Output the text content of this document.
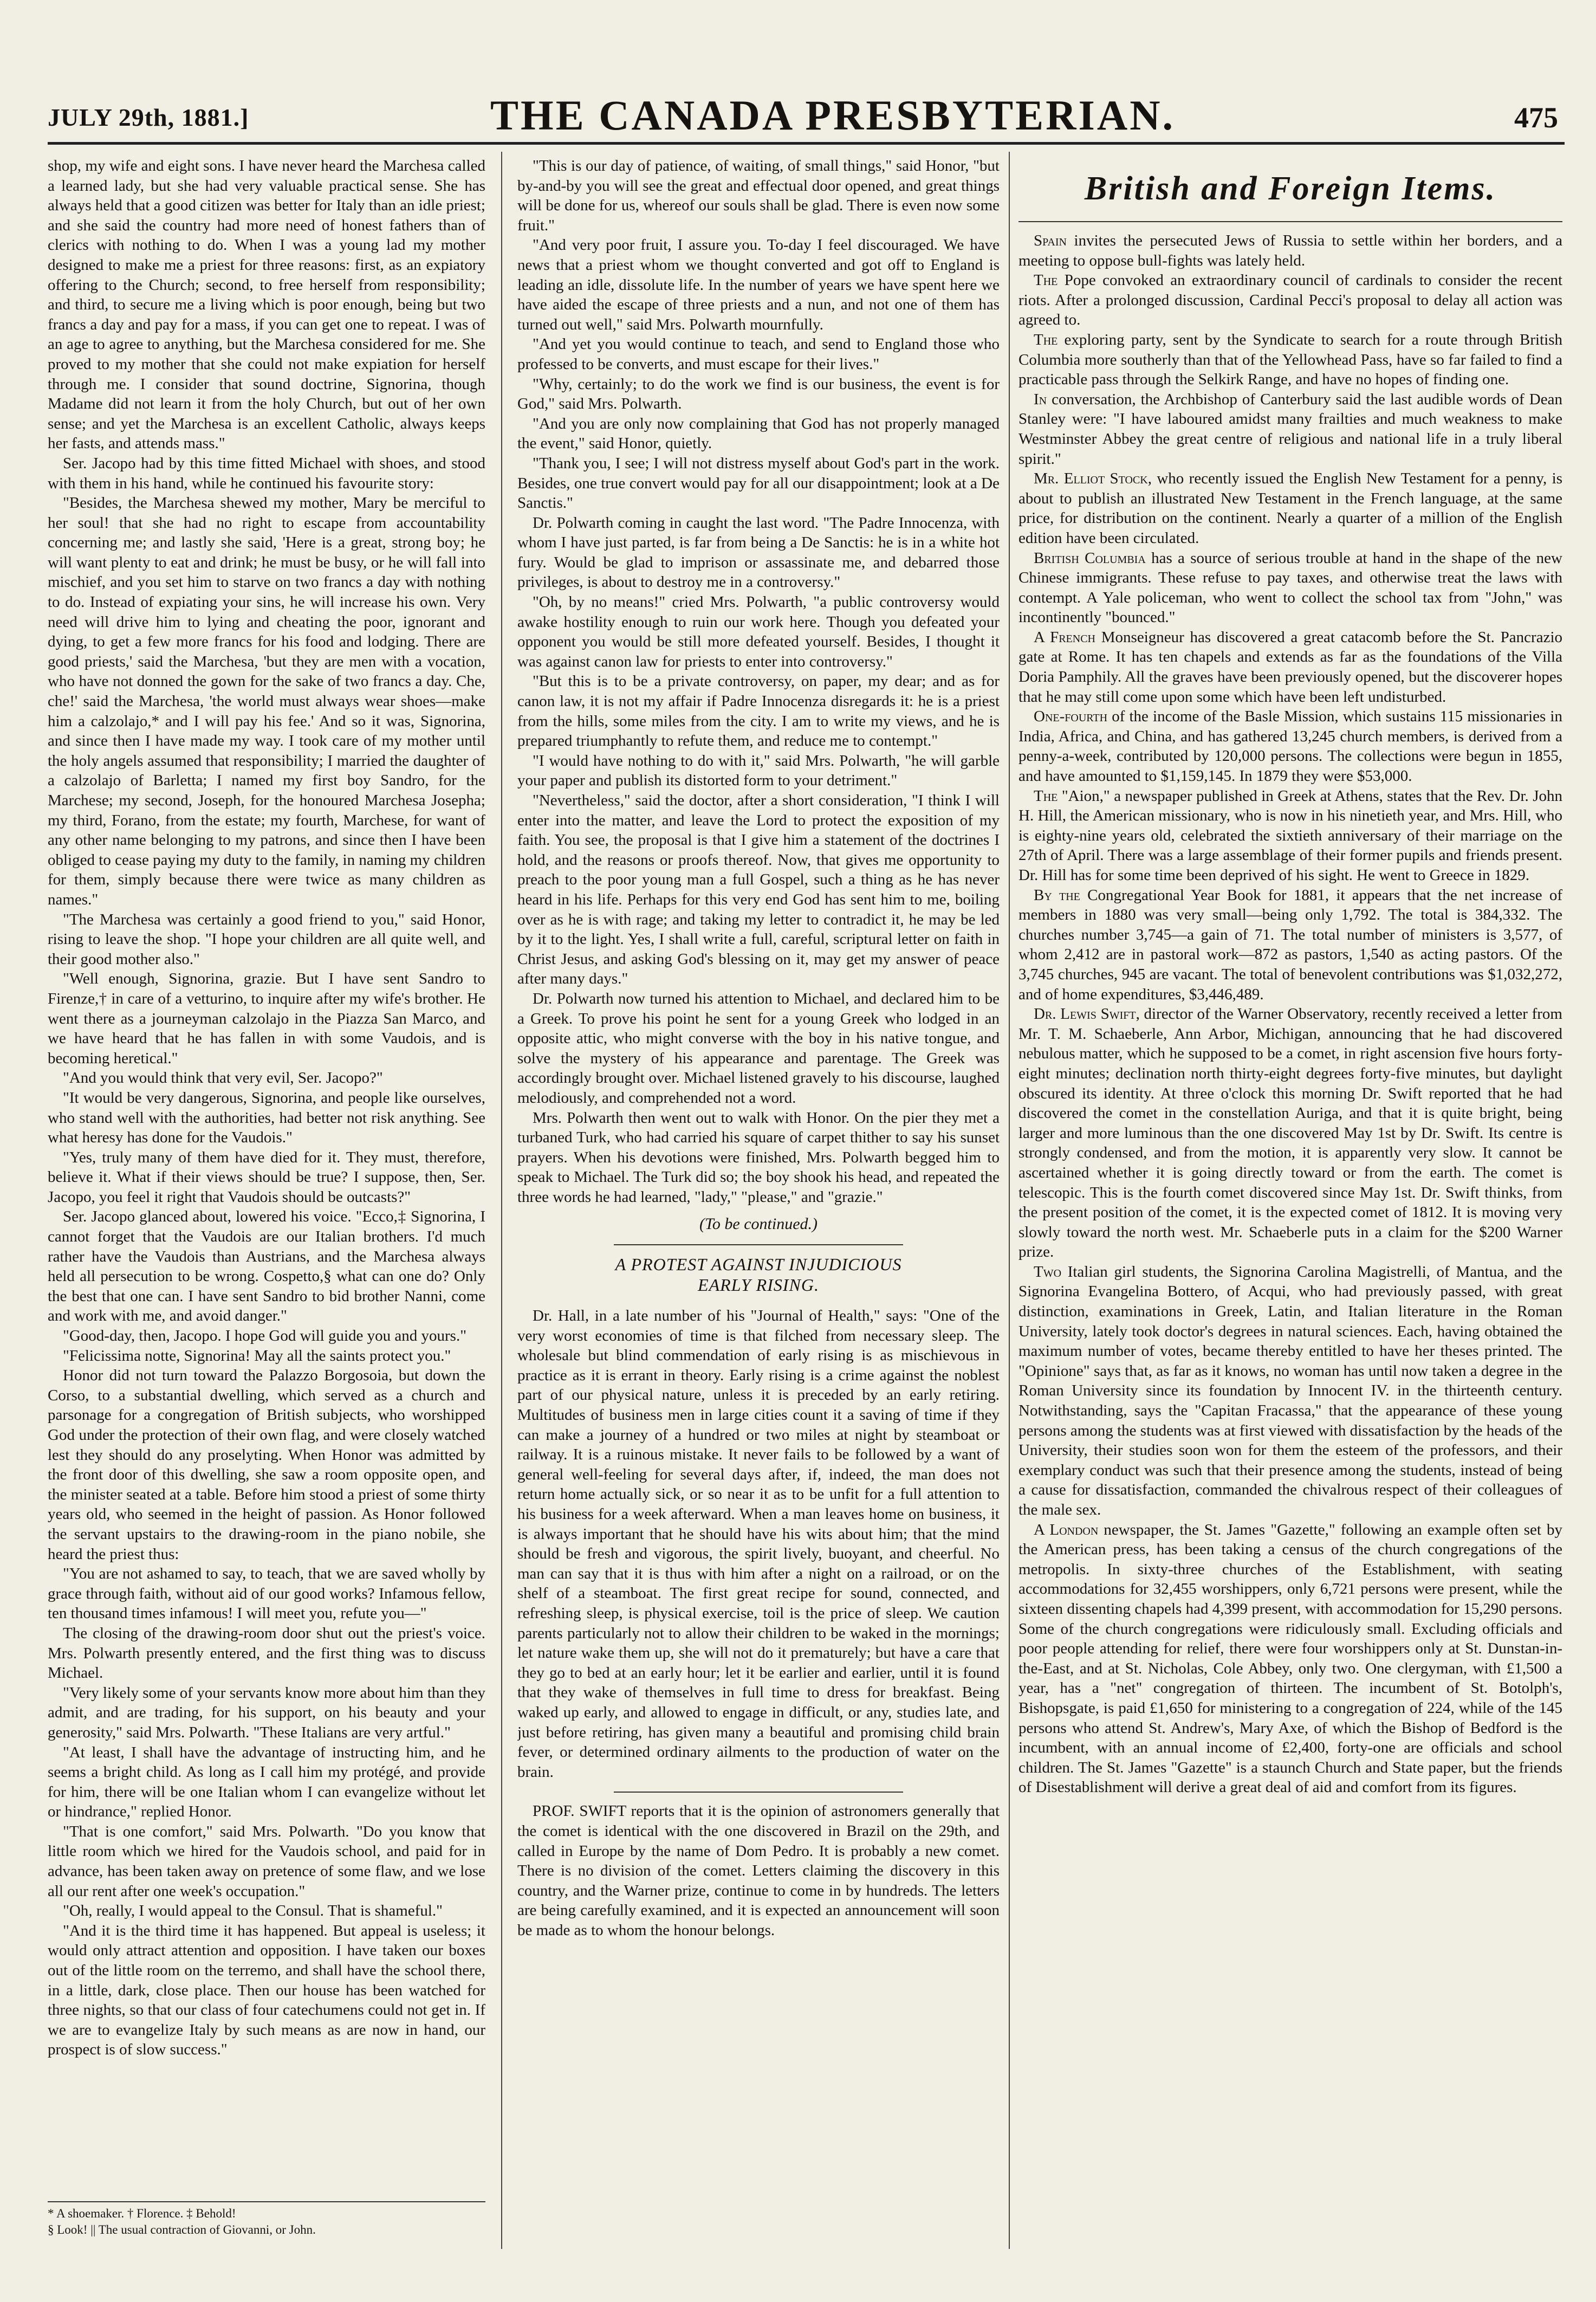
JULY 29th, 1881.]	THE CANADA PRESBYTERIAN.	475

shop, my wife and eight sons. I have never heard the Marchesa called a learned lady, but she had very valuable practical sense. She has always held that a good citizen was better for Italy than an idle priest; and she said the country had more need of honest fathers than of clerics with nothing to do. When I was a young lad my mother designed to make me a priest for three reasons: first, as an expiatory offering to the Church; second, to free herself from responsibility; and third, to secure me a living which is poor enough, being but two francs a day and pay for a mass, if you can get one to repeat. I was of an age to agree to anything, but the Marchesa considered for me. She proved to my mother that she could not make expiation for herself through me. I consider that sound doctrine, Signorina, though Madame did not learn it from the holy Church, but out of her own sense; and yet the Marchesa is an excellent Catholic, always keeps her fasts, and attends mass."

Ser. Jacopo had by this time fitted Michael with shoes, and stood with them in his hand, while he continued his favourite story:

"Besides, the Marchesa shewed my mother, Mary be merciful to her soul! that she had no right to escape from accountability concerning me; and lastly she said, 'Here is a great, strong boy; he will want plenty to eat and drink; he must be busy, or he will fall into mischief, and you set him to starve on two francs a day with nothing to do. Instead of expiating your sins, he will increase his own. Very need will drive him to lying and cheating the poor, ignorant and dying, to get a few more francs for his food and lodging. There are good priests,' said the Marchesa, 'but they are men with a vocation, who have not donned the gown for the sake of two francs a day. Che, che!' said the Marchesa, 'the world must always wear shoes—make him a calzolajo,* and I will pay his fee.' And so it was, Signorina, and since then I have made my way. I took care of my mother until the holy angels assumed that responsibility; I married the daughter of a calzolajo of Barletta; I named my first boy Sandro, for the Marchese; my second, Joseph, for the honoured Marchesa Josepha; my third, Forano, from the estate; my fourth, Marchese, for want of any other name belonging to my patrons, and since then I have been obliged to cease paying my duty to the family, in naming my children for them, simply because there were twice as many children as names."

"The Marchesa was certainly a good friend to you," said Honor, rising to leave the shop. "I hope your children are all quite well, and their good mother also."

"Well enough, Signorina, grazie. But I have sent Sandro to Firenze,† in care of a vetturino, to inquire after my wife's brother. He went there as a journeyman calzolajo in the Piazza San Marco, and we have heard that he has fallen in with some Vaudois, and is becoming heretical."

"And you would think that very evil, Ser. Jacopo?"

"It would be very dangerous, Signorina, and people like ourselves, who stand well with the authorities, had better not risk anything. See what heresy has done for the Vaudois."

"Yes, truly many of them have died for it. They must, therefore, believe it. What if their views should be true? I suppose, then, Ser. Jacopo, you feel it right that Vaudois should be outcasts?"

Ser. Jacopo glanced about, lowered his voice. "Ecco,‡ Signorina, I cannot forget that the Vaudois are our Italian brothers. I'd much rather have the Vaudois than Austrians, and the Marchesa always held all persecution to be wrong. Cospetto,§ what can one do? Only the best that one can. I have sent Sandro to bid brother Nanni, come and work with me, and avoid danger."

"Good-day, then, Jacopo. I hope God will guide you and yours."

"Felicissima notte, Signorina! May all the saints protect you."

Honor did not turn toward the Palazzo Borgosoia, but down the Corso, to a substantial dwelling, which served as a church and parsonage for a congregation of British subjects, who worshipped God under the protection of their own flag, and were closely watched lest they should do any proselyting. When Honor was admitted by the front door of this dwelling, she saw a room opposite open, and the minister seated at a table. Before him stood a priest of some thirty years old, who seemed in the height of passion. As Honor followed the servant upstairs to the drawing-room in the piano nobile, she heard the priest thus:

"You are not ashamed to say, to teach, that we are saved wholly by grace through faith, without aid of our good works? Infamous fellow, ten thousand times infamous! I will meet you, refute you—"

The closing of the drawing-room door shut out the priest's voice. Mrs. Polwarth presently entered, and the first thing was to discuss Michael.

"Very likely some of your servants know more about him than they admit, and are trading, for his support, on his beauty and your generosity," said Mrs. Polwarth. "These Italians are very artful."

"At least, I shall have the advantage of instructing him, and he seems a bright child. As long as I call him my protégé, and provide for him, there will be one Italian whom I can evangelize without let or hindrance," replied Honor.

"That is one comfort," said Mrs. Polwarth. "Do you know that little room which we hired for the Vaudois school, and paid for in advance, has been taken away on pretence of some flaw, and we lose all our rent after one week's occupation."

"Oh, really, I would appeal to the Consul. That is shameful."

"And it is the third time it has happened. But appeal is useless; it would only attract attention and opposition. I have taken our boxes out of the little room on the terremo, and shall have the school there, in a little, dark, close place. Then our house has been watched for three nights, so that our class of four catechumens could not get in. If we are to evangelize Italy by such means as are now in hand, our prospect is of slow success."

* A shoemaker. † Florence. ‡ Behold!
§ Look! || The usual contraction of Giovanni, or John.

"This is our day of patience, of waiting, of small things," said Honor, "but by-and-by you will see the great and effectual door opened, and great things will be done for us, whereof our souls shall be glad. There is even now some fruit."

"And very poor fruit, I assure you. To-day I feel discouraged. We have news that a priest whom we thought converted and got off to England is leading an idle, dissolute life. In the number of years we have spent here we have aided the escape of three priests and a nun, and not one of them has turned out well," said Mrs. Polwarth mournfully.

"And yet you would continue to teach, and send to England those who professed to be converts, and must escape for their lives."

"Why, certainly; to do the work we find is our business, the event is for God," said Mrs. Polwarth.

"And you are only now complaining that God has not properly managed the event," said Honor, quietly.

"Thank you, I see; I will not distress myself about God's part in the work. Besides, one true convert would pay for all our disappointment; look at a De Sanctis."

Dr. Polwarth coming in caught the last word. "The Padre Innocenza, with whom I have just parted, is far from being a De Sanctis: he is in a white hot fury. Would be glad to imprison or assassinate me, and debarred those privileges, is about to destroy me in a controversy."

"Oh, by no means!" cried Mrs. Polwarth, "a public controversy would awake hostility enough to ruin our work here. Though you defeated your opponent you would be still more defeated yourself. Besides, I thought it was against canon law for priests to enter into controversy."

"But this is to be a private controversy, on paper, my dear; and as for canon law, it is not my affair if Padre Innocenza disregards it: he is a priest from the hills, some miles from the city. I am to write my views, and he is prepared triumphantly to refute them, and reduce me to contempt."

"I would have nothing to do with it," said Mrs. Polwarth, "he will garble your paper and publish its distorted form to your detriment."

"Nevertheless," said the doctor, after a short consideration, "I think I will enter into the matter, and leave the Lord to protect the exposition of my faith. You see, the proposal is that I give him a statement of the doctrines I hold, and the reasons or proofs thereof. Now, that gives me opportunity to preach to the poor young man a full Gospel, such a thing as he has never heard in his life. Perhaps for this very end God has sent him to me, boiling over as he is with rage; and taking my letter to contradict it, he may be led by it to the light. Yes, I shall write a full, careful, scriptural letter on faith in Christ Jesus, and asking God's blessing on it, may get my answer of peace after many days."

Dr. Polwarth now turned his attention to Michael, and declared him to be a Greek. To prove his point he sent for a young Greek who lodged in an opposite attic, who might converse with the boy in his native tongue, and solve the mystery of his appearance and parentage. The Greek was accordingly brought over. Michael listened gravely to his discourse, laughed melodiously, and comprehended not a word.

Mrs. Polwarth then went out to walk with Honor. On the pier they met a turbaned Turk, who had carried his square of carpet thither to say his sunset prayers. When his devotions were finished, Mrs. Polwarth begged him to speak to Michael. The Turk did so; the boy shook his head, and repeated the three words he had learned, "lady," "please," and "grazie."

(To be continued.)
A PROTEST AGAINST INJUDICIOUS
EARLY RISING.

Dr. Hall, in a late number of his "Journal of Health," says: "One of the very worst economies of time is that filched from necessary sleep. The wholesale but blind commendation of early rising is as mischievous in practice as it is errant in theory. Early rising is a crime against the noblest part of our physical nature, unless it is preceded by an early retiring. Multitudes of business men in large cities count it a saving of time if they can make a journey of a hundred or two miles at night by steamboat or railway. It is a ruinous mistake. It never fails to be followed by a want of general well-feeling for several days after, if, indeed, the man does not return home actually sick, or so near it as to be unfit for a full attention to his business for a week afterward. When a man leaves home on business, it is always important that he should have his wits about him; that the mind should be fresh and vigorous, the spirit lively, buoyant, and cheerful. No man can say that it is thus with him after a night on a railroad, or on the shelf of a steamboat. The first great recipe for sound, connected, and refreshing sleep, is physical exercise, toil is the price of sleep. We caution parents particularly not to allow their children to be waked in the mornings; let nature wake them up, she will not do it prematurely; but have a care that they go to bed at an early hour; let it be earlier and earlier, until it is found that they wake of themselves in full time to dress for breakfast. Being waked up early, and allowed to engage in difficult, or any, studies late, and just before retiring, has given many a beautiful and promising child brain fever, or determined ordinary ailments to the production of water on the brain.

PROF. SWIFT reports that it is the opinion of astronomers generally that the comet is identical with the one discovered in Brazil on the 29th, and called in Europe by the name of Dom Pedro. It is probably a new comet. There is no division of the comet. Letters claiming the discovery in this country, and the Warner prize, continue to come in by hundreds. The letters are being carefully examined, and it is expected an announcement will soon be made as to whom the honour belongs.

British and Foreign Items.

Spain invites the persecuted Jews of Russia to settle within her borders, and a meeting to oppose bull-fights was lately held.

The Pope convoked an extraordinary council of cardinals to consider the recent riots. After a prolonged discussion, Cardinal Pecci's proposal to delay all action was agreed to.

The exploring party, sent by the Syndicate to search for a route through British Columbia more southerly than that of the Yellowhead Pass, have so far failed to find a practicable pass through the Selkirk Range, and have no hopes of finding one.

In conversation, the Archbishop of Canterbury said the last audible words of Dean Stanley were: "I have laboured amidst many frailties and much weakness to make Westminster Abbey the great centre of religious and national life in a truly liberal spirit."

Mr. Elliot Stock, who recently issued the English New Testament for a penny, is about to publish an illustrated New Testament in the French language, at the same price, for distribution on the continent. Nearly a quarter of a million of the English edition have been circulated.

British Columbia has a source of serious trouble at hand in the shape of the new Chinese immigrants. These refuse to pay taxes, and otherwise treat the laws with contempt. A Yale policeman, who went to collect the school tax from "John," was incontinently "bounced."

A French Monseigneur has discovered a great catacomb before the St. Pancrazio gate at Rome. It has ten chapels and extends as far as the foundations of the Villa Doria Pamphily. All the graves have been previously opened, but the discoverer hopes that he may still come upon some which have been left undisturbed.

One-fourth of the income of the Basle Mission, which sustains 115 missionaries in India, Africa, and China, and has gathered 13,245 church members, is derived from a penny-a-week, contributed by 120,000 persons. The collections were begun in 1855, and have amounted to $1,159,145. In 1879 they were $53,000.

The "Aion," a newspaper published in Greek at Athens, states that the Rev. Dr. John H. Hill, the American missionary, who is now in his ninetieth year, and Mrs. Hill, who is eighty-nine years old, celebrated the sixtieth anniversary of their marriage on the 27th of April. There was a large assemblage of their former pupils and friends present. Dr. Hill has for some time been deprived of his sight. He went to Greece in 1829.

By the Congregational Year Book for 1881, it appears that the net increase of members in 1880 was very small—being only 1,792. The total is 384,332. The churches number 3,745—a gain of 71. The total number of ministers is 3,577, of whom 2,412 are in pastoral work—872 as pastors, 1,540 as acting pastors. Of the 3,745 churches, 945 are vacant. The total of benevolent contributions was $1,032,272, and of home expenditures, $3,446,489.

Dr. Lewis Swift, director of the Warner Observatory, recently received a letter from Mr. T. M. Schaeberle, Ann Arbor, Michigan, announcing that he had discovered nebulous matter, which he supposed to be a comet, in right ascension five hours forty-eight minutes; declination north thirty-eight degrees forty-five minutes, but daylight obscured its identity. At three o'clock this morning Dr. Swift reported that he had discovered the comet in the constellation Auriga, and that it is quite bright, being larger and more luminous than the one discovered May 1st by Dr. Swift. Its centre is strongly condensed, and from the motion, it is apparently very slow. It cannot be ascertained whether it is going directly toward or from the earth. The comet is telescopic. This is the fourth comet discovered since May 1st. Dr. Swift thinks, from the present position of the comet, it is the expected comet of 1812. It is moving very slowly toward the north west. Mr. Schaeberle puts in a claim for the $200 Warner prize.

Two Italian girl students, the Signorina Carolina Magistrelli, of Mantua, and the Signorina Evangelina Bottero, of Acqui, who had previously passed, with great distinction, examinations in Greek, Latin, and Italian literature in the Roman University, lately took doctor's degrees in natural sciences. Each, having obtained the maximum number of votes, became thereby entitled to have her theses printed. The "Opinione" says that, as far as it knows, no woman has until now taken a degree in the Roman University since its foundation by Innocent IV. in the thirteenth century. Notwithstanding, says the "Capitan Fracassa," that the appearance of these young persons among the students was at first viewed with dissatisfaction by the heads of the University, their studies soon won for them the esteem of the professors, and their exemplary conduct was such that their presence among the students, instead of being a cause for dissatisfaction, commanded the chivalrous respect of their colleagues of the male sex.

A London newspaper, the St. James "Gazette," following an example often set by the American press, has been taking a census of the church congregations of the metropolis. In sixty-three churches of the Establishment, with seating accommodations for 32,455 worshippers, only 6,721 persons were present, while the sixteen dissenting chapels had 4,399 present, with accommodation for 15,290 persons. Some of the church congregations were ridiculously small. Excluding officials and poor people attending for relief, there were four worshippers only at St. Dunstan-in-the-East, and at St. Nicholas, Cole Abbey, only two. One clergyman, with £1,500 a year, has a "net" congregation of thirteen. The incumbent of St. Botolph's, Bishopsgate, is paid £1,650 for ministering to a congregation of 224, while of the 145 persons who attend St. Andrew's, Mary Axe, of which the Bishop of Bedford is the incumbent, with an annual income of £2,400, forty-one are officials and school children. The St. James "Gazette" is a staunch Church and State paper, but the friends of Disestablishment will derive a great deal of aid and comfort from its figures.
